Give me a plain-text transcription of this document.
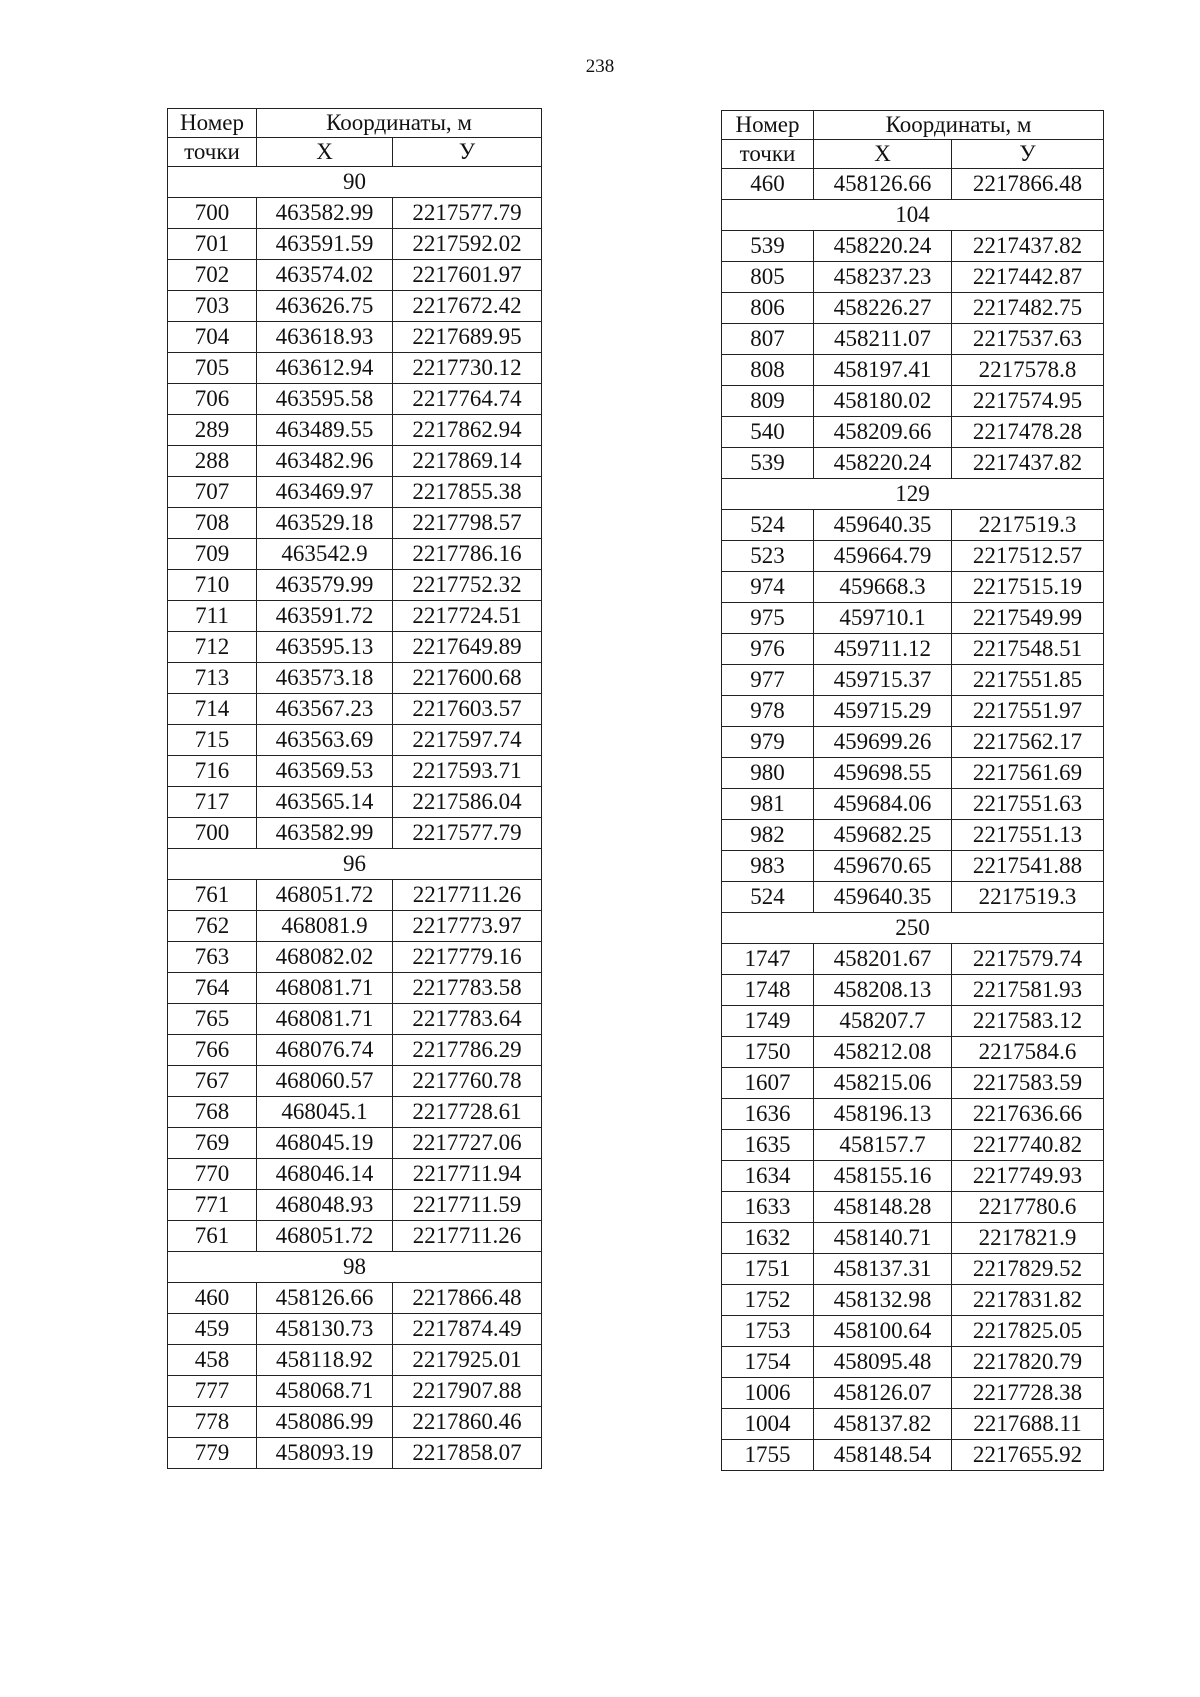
238
Номер	Координаты, м	
точки	Х	У
90		
700	463582.99	2217577.79
701	463591.59	2217592.02
702	463574.02	2217601.97
703	463626.75	2217672.42
704	463618.93	2217689.95
705	463612.94	2217730.12
706	463595.58	2217764.74
289	463489.55	2217862.94
288	463482.96	2217869.14
707	463469.97	2217855.38
708	463529.18	2217798.57
709	463542.9	2217786.16
710	463579.99	2217752.32
711	463591.72	2217724.51
712	463595.13	2217649.89
713	463573.18	2217600.68
714	463567.23	2217603.57
715	463563.69	2217597.74
716	463569.53	2217593.71
717	463565.14	2217586.04
700	463582.99	2217577.79
96		
761	468051.72	2217711.26
762	468081.9	2217773.97
763	468082.02	2217779.16
764	468081.71	2217783.58
765	468081.71	2217783.64
766	468076.74	2217786.29
767	468060.57	2217760.78
768	468045.1	2217728.61
769	468045.19	2217727.06
770	468046.14	2217711.94
771	468048.93	2217711.59
761	468051.72	2217711.26
98		
460	458126.66	2217866.48
459	458130.73	2217874.49
458	458118.92	2217925.01
777	458068.71	2217907.88
778	458086.99	2217860.46
779	458093.19	2217858.07
Номер	Координаты, м	
точки	Х	У
460	458126.66	2217866.48
104		
539	458220.24	2217437.82
805	458237.23	2217442.87
806	458226.27	2217482.75
807	458211.07	2217537.63
808	458197.41	2217578.8
809	458180.02	2217574.95
540	458209.66	2217478.28
539	458220.24	2217437.82
129		
524	459640.35	2217519.3
523	459664.79	2217512.57
974	459668.3	2217515.19
975	459710.1	2217549.99
976	459711.12	2217548.51
977	459715.37	2217551.85
978	459715.29	2217551.97
979	459699.26	2217562.17
980	459698.55	2217561.69
981	459684.06	2217551.63
982	459682.25	2217551.13
983	459670.65	2217541.88
524	459640.35	2217519.3
250		
1747	458201.67	2217579.74
1748	458208.13	2217581.93
1749	458207.7	2217583.12
1750	458212.08	2217584.6
1607	458215.06	2217583.59
1636	458196.13	2217636.66
1635	458157.7	2217740.82
1634	458155.16	2217749.93
1633	458148.28	2217780.6
1632	458140.71	2217821.9
1751	458137.31	2217829.52
1752	458132.98	2217831.82
1753	458100.64	2217825.05
1754	458095.48	2217820.79
1006	458126.07	2217728.38
1004	458137.82	2217688.11
1755	458148.54	2217655.92
